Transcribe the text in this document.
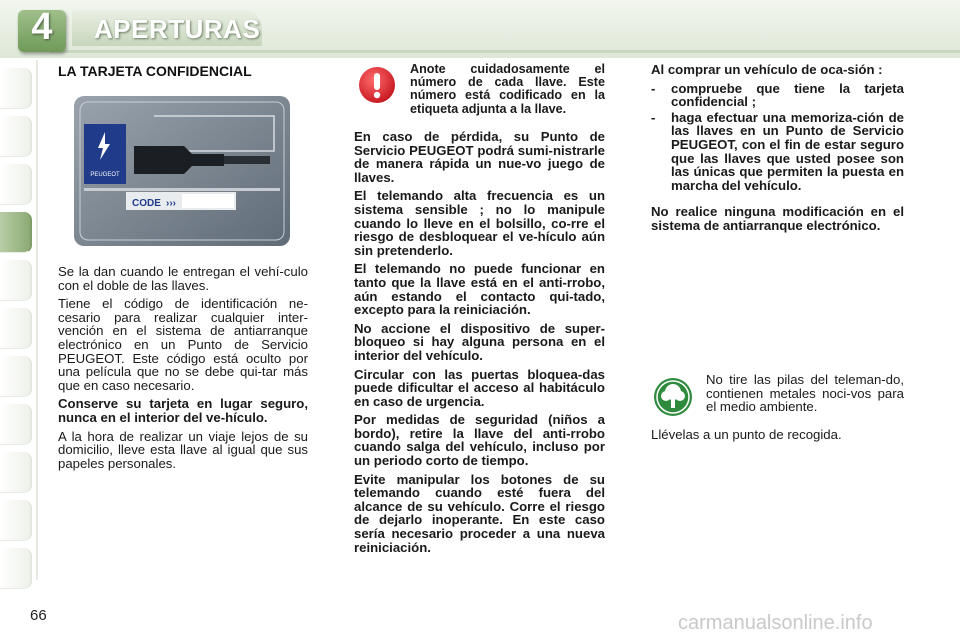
4	APERTURAS
LA TARJETA CONFIDENCIAL
PEUGEOT
CODE ›››

Se la dan cuando le entregan el vehí-culo con el doble de las llaves.

Tiene el código de identificación ne-cesario para realizar cualquier inter-vención en el sistema de antiarranque electrónico en un Punto de Servicio PEUGEOT. Este código está oculto por una película que no se debe qui-tar más que en caso necesario.

Conserve su tarjeta en lugar seguro, nunca en el interior del ve-hículo.

A la hora de realizar un viaje lejos de su domicilio, lleve esta llave al igual que sus papeles personales.

Anote cuidadosamente el número de cada llave. Este número está codificado en la etiqueta adjunta a la llave.

En caso de pérdida, su Punto de Servicio PEUGEOT podrá sumi-nistrarle de manera rápida un nue-vo juego de llaves.

El telemando alta frecuencia es un sistema sensible ; no lo manipule cuando lo lleve en el bolsillo, co-rre el riesgo de desbloquear el ve-hículo aún sin pretenderlo.

El telemando no puede funcionar en tanto que la llave está en el anti-rrobo, aún estando el contacto qui-tado, excepto para la reiniciación.

No accione el dispositivo de super-bloqueo si hay alguna persona en el interior del vehículo.

Circular con las puertas bloquea-das puede dificultar el acceso al habitáculo en caso de urgencia.

Por medidas de seguridad (niños a bordo), retire la llave del anti-rrobo cuando salga del vehículo, incluso por un periodo corto de tiempo.

Evite manipular los botones de su telemando cuando esté fuera del alcance de su vehículo. Corre el riesgo de dejarlo inoperante. En este caso sería necesario proceder a una nueva reiniciación.

Al comprar un vehículo de oca-sión :

- compruebe que tiene la tarjeta confidencial ;
- haga efectuar una memoriza-ción de las llaves en un Punto de Servicio PEUGEOT, con el fin de estar seguro que las llaves que usted posee son las únicas que permiten la puesta en marcha del vehículo.

No realice ninguna modificación en el sistema de antiarranque electrónico.

No tire las pilas del teleman-do, contienen metales noci-vos para el medio ambiente.
Llévelas a un punto de recogida.
66	carmanualsonline.info
